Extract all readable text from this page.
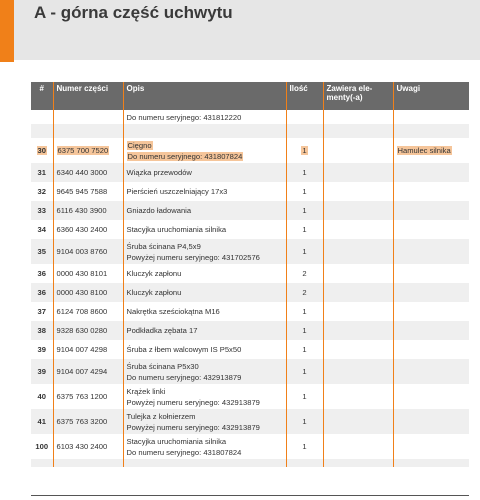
A - górna część uchwytu
#	Numer części	Opis	Ilość	Zawiera ele-
menty(-a)	Uwagi
		Do numeru seryjnego: 431812220			

30	6375 700 7520	Cięgno
Do numeru seryjnego: 431807824	1		Hamulec silnika
31	6340 440 3000	Wiązka przewodów	1		
32	9645 945 7588	Pierścień uszczelniający 17x3	1		
33	6116 430 3900	Gniazdo ładowania	1		
34	6360 430 2400	Stacyjka uruchomiania silnika	1		
35	9104 003 8760	Śruba ścinana P4,5x9
Powyżej numeru seryjnego: 431702576	1		
36	0000 430 8101	Kluczyk zapłonu	2		
36	0000 430 8100	Kluczyk zapłonu	2		
37	6124 708 8600	Nakrętka sześciokątna M16	1		
38	9328 630 0280	Podkładka zębata 17	1		
39	9104 007 4298	Śruba z łbem walcowym IS P5x50	1		
39	9104 007 4294	Śruba ścinana P5x30
Do numeru seryjnego: 432913879	1		
40	6375 763 1200	Krążek linki
Powyżej numeru seryjnego: 432913879	1		
41	6375 763 3200	Tulejka z kołnierzem
Powyżej numeru seryjnego: 432913879	1		
100	6103 430 2400	Stacyjka uruchomiania silnika
Do numeru seryjnego: 431807824	1		
